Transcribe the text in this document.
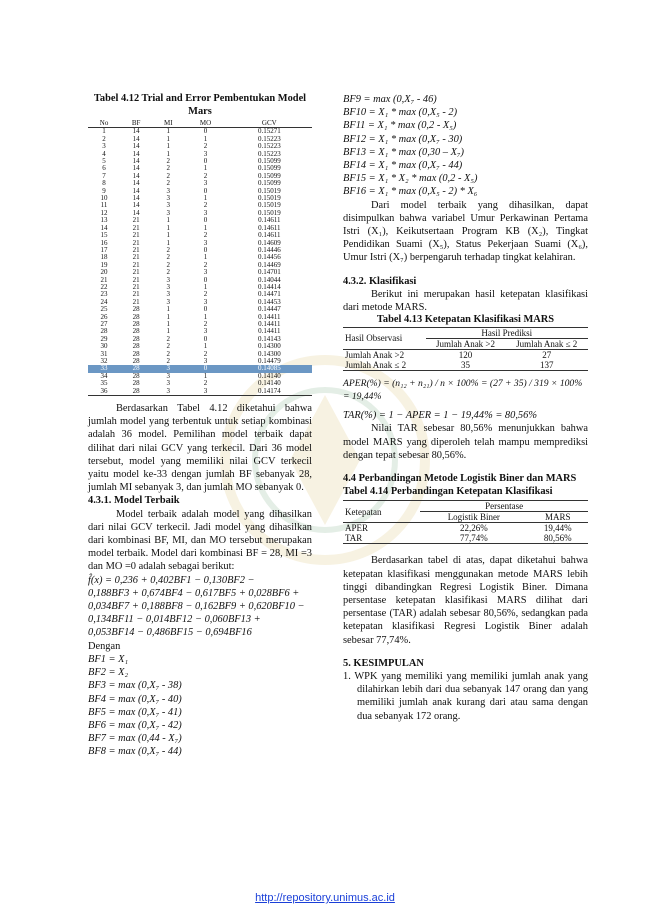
Tabel 4.12 Trial and Error Pembentukan Model Mars
No	BF	MI	MO	GCV
1	14	1	0	0.15271
2	14	1	1	0.15223
3	14	1	2	0.15223
4	14	1	3	0.15223
5	14	2	0	0.15099
6	14	2	1	0.15099
7	14	2	2	0.15099
8	14	2	3	0.15099
9	14	3	0	0.15019
10	14	3	1	0.15019
11	14	3	2	0.15019
12	14	3	3	0.15019
13	21	1	0	0.14611
14	21	1	1	0.14611
15	21	1	2	0.14611
16	21	1	3	0.14609
17	21	2	0	0.14446
18	21	2	1	0.14456
19	21	2	2	0.14469
20	21	2	3	0.14701
21	21	3	0	0.14044
22	21	3	1	0.14414
23	21	3	2	0.14471
24	21	3	3	0.14453
25	28	1	0	0.14447
26	28	1	1	0.14411
27	28	1	2	0.14411
28	28	1	3	0.14411
29	28	2	0	0.14143
30	28	2	1	0.14300
31	28	2	2	0.14300
32	28	2	3	0.14479
33	28	3	0	0.14085
34	28	3	1	0.14140
35	28	3	2	0.14140
36	28	3	3	0.14174
Berdasarkan Tabel 4.12 diketahui bahwa jumlah model yang terbentuk untuk setiap kombinasi adalah 36 model. Pemilihan model terbaik dapat dilihat dari nilai GCV yang terkecil. Dari 36 model tersebut, model yang memiliki nilai GCV terkecil yaitu model ke-33 dengan jumlah BF sebanyak 28, jumlah MI sebanyak 3, dan jumlah MO sebanyak 0.
4.3.1. Model Terbaik
Model terbaik adalah model yang dihasilkan dari nilai GCV terkecil. Jadi model yang dihasilkan dari kombinasi BF, MI, dan MO tersebut merupakan model terbaik. Model dari kombinasi BF = 28, MI =3 dan MO =0 adalah sebagai berikut:
f̂(x) = 0,236 + 0,402BF1 − 0,130BF2 −
0,188BF3 + 0,674BF4 − 0,617BF5 + 0,028BF6 +
0,034BF7 + 0,188BF8 − 0,162BF9 + 0,620BF10 −
0,134BF11 − 0,014BF12 − 0,060BF13 +
0,053BF14 − 0,486BF15 − 0,694BF16
Dengan
BF1 = X₁
BF2 = X₂
BF3 = max (0,X₇ - 38)
BF4 = max (0,X₇ - 40)
BF5 = max (0,X₇ - 41)
BF6 = max (0,X₇ - 42)
BF7 = max (0,44 - X₇)
BF8 = max (0,X₇ - 44)
BF9 = max (0,X₇ - 46)
BF10 = X₁ * max (0,X₅ - 2)
BF11 = X₁ * max (0,2 - X₅)
BF12 = X₁ * max (0,X₇ - 30)
BF13 = X₁ * max (0,30 – X₇)
BF14 = X₁ * max (0,X₇ - 44)
BF15 = X₁ * X₂ * max (0,2 - X₅)
BF16 = X₁ * max (0,X₅ - 2) * X₆
Dari model terbaik yang dihasilkan, dapat disimpulkan bahwa variabel Umur Perkawinan Pertama Istri (X₁), Keikutsertaan Program KB (X₂), Tingkat Pendidikan Suami (X₅), Status Pekerjaan Suami (X₆), Umur Istri (X₇) berpengaruh terhadap tingkat kelahiran.
4.3.2. Klasifikasi
Berikut ini merupakan hasil ketepatan klasifikasi dari metode MARS.
Tabel 4.13 Ketepatan Klasifikasi MARS
Hasil Observasi	Hasil Prediksi	
	Jumlah Anak >2	Jumlah Anak ≤ 2
Jumlah Anak >2	120	27
Jumlah Anak ≤ 2	35	137
APER(%) = (n₁₂ + n₂₁) / n × 100% = (27 + 35) / 319 × 100% = 19,44%
TAR(%) = 1 − APER = 1 − 19,44% = 80,56%
Nilai TAR sebesar 80,56% menunjukkan bahwa model MARS yang diperoleh telah mampu memprediksi dengan tepat sebesar 80,56%.
4.4 Perbandingan Metode Logistik Biner dan MARS
Tabel 4.14 Perbandingan Ketepatan Klasifikasi
Ketepatan	Persentase	
	Logistik Biner	MARS
APER	22,26%	19,44%
TAR	77,74%	80,56%
Berdasarkan tabel di atas, dapat diketahui bahwa ketepatan klasifikasi menggunakan metode MARS lebih tinggi dibandingkan Regresi Logistik Biner. Dimana persentase ketepatan klasifikasi MARS dilihat dari persentase (TAR) adalah sebesar 80,56%, sedangkan pada ketepatan klasifikasi Regresi Logistik Biner adalah sebesar 77,74%.
5. KESIMPULAN
1. WPK yang memiliki yang memiliki jumlah anak yang dilahirkan lebih dari dua sebanyak 147 orang dan yang memiliki jumlah anak kurang dari atau sama dengan dua sebanyak 172 orang.
http://repository.unimus.ac.id
